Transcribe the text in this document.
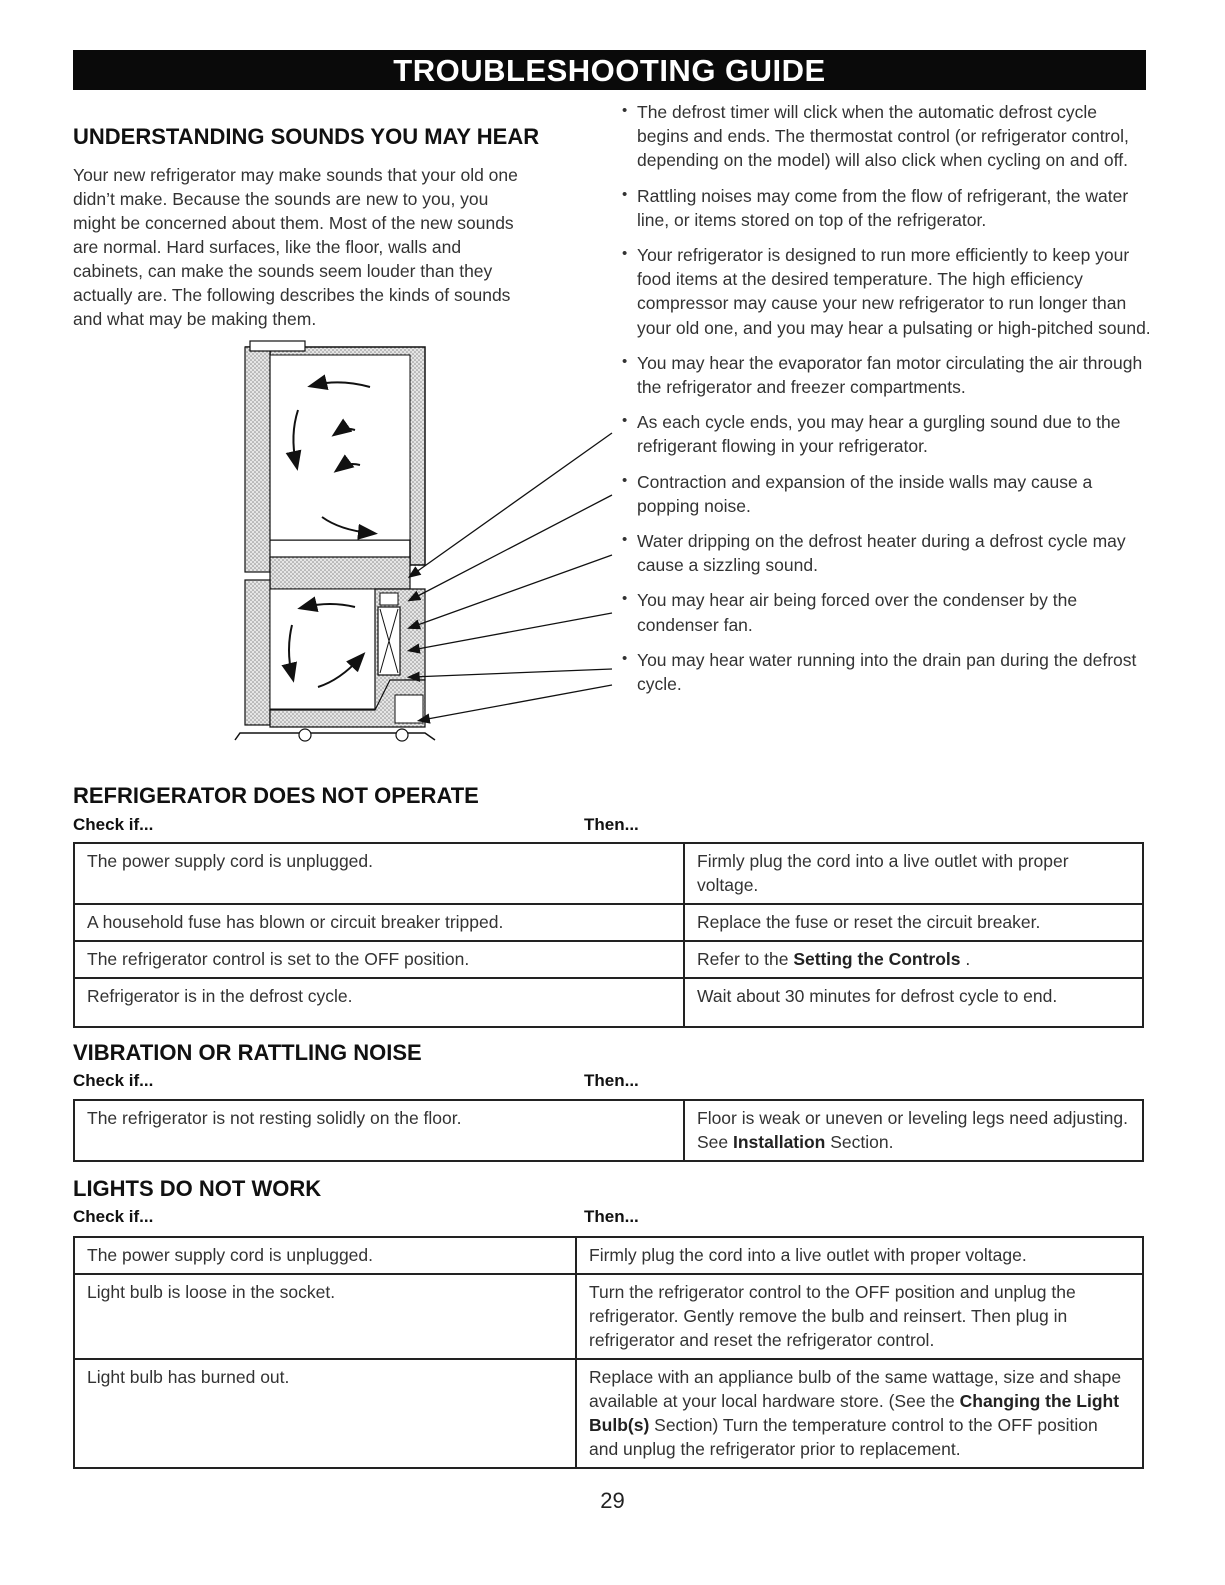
TROUBLESHOOTING GUIDE
UNDERSTANDING SOUNDS YOU MAY HEAR
Your new refrigerator may make sounds that your old one
didn’t make. Because the sounds are new to you, you
might be concerned about them. Most of the new sounds
are normal. Hard surfaces, like the floor, walls and
cabinets, can make the sounds seem louder than they
actually are. The following describes the kinds of sounds
and what may be making them.
• The defrost timer will click when the automatic defrost cycle begins and ends. The thermostat control (or refrigerator control, depending on the model) will also click when cycling on and off.
• Rattling noises may come from the flow of refrigerant, the water line, or items stored on top of the refrigerator.
• Your refrigerator is designed to run more efficiently to keep your food items at the desired temperature. The high efficiency compressor may cause your new refrigerator to run longer than your old one, and you may hear a pulsating or high-pitched sound.
• You may hear the evaporator fan motor circulating the air through the refrigerator and freezer compartments.
• As each cycle ends, you may hear a gurgling sound due to the refrigerant flowing in your refrigerator.
• Contraction and expansion of the inside walls may cause a popping noise.
• Water dripping on the defrost heater during a defrost cycle may cause a sizzling sound.
• You may hear air being forced over the condenser by the condenser fan.
• You may hear water running into the drain pan during the defrost cycle.
REFRIGERATOR DOES NOT OPERATE
Check if...	Then...
The power supply cord is unplugged.	Firmly plug the cord into a live outlet with proper voltage.
A household fuse has blown or circuit breaker tripped.	Replace the fuse or reset the circuit breaker.
The refrigerator control is set to the OFF position.	Refer to the Setting the Controls .
Refrigerator is in the defrost cycle.	Wait about 30 minutes for defrost cycle to end.
VIBRATION OR RATTLING NOISE
Check if...	Then...
The refrigerator is not resting solidly on the floor.	Floor is weak or uneven or leveling legs need adjusting.
See Installation Section.
LIGHTS DO NOT WORK
Check if...	Then...
The power supply cord is unplugged.	Firmly plug the cord into a live outlet with proper voltage.
Light bulb is loose in the socket.	Turn the refrigerator control to the OFF position and unplug the refrigerator. Gently remove the bulb and reinsert. Then plug in refrigerator and reset the refrigerator control.
Light bulb has burned out.	Replace with an appliance bulb of the same wattage, size and shape available at your local hardware store. (See the Changing the Light Bulb(s) Section) Turn the temperature control to the OFF position and unplug the refrigerator prior to replacement.
29
